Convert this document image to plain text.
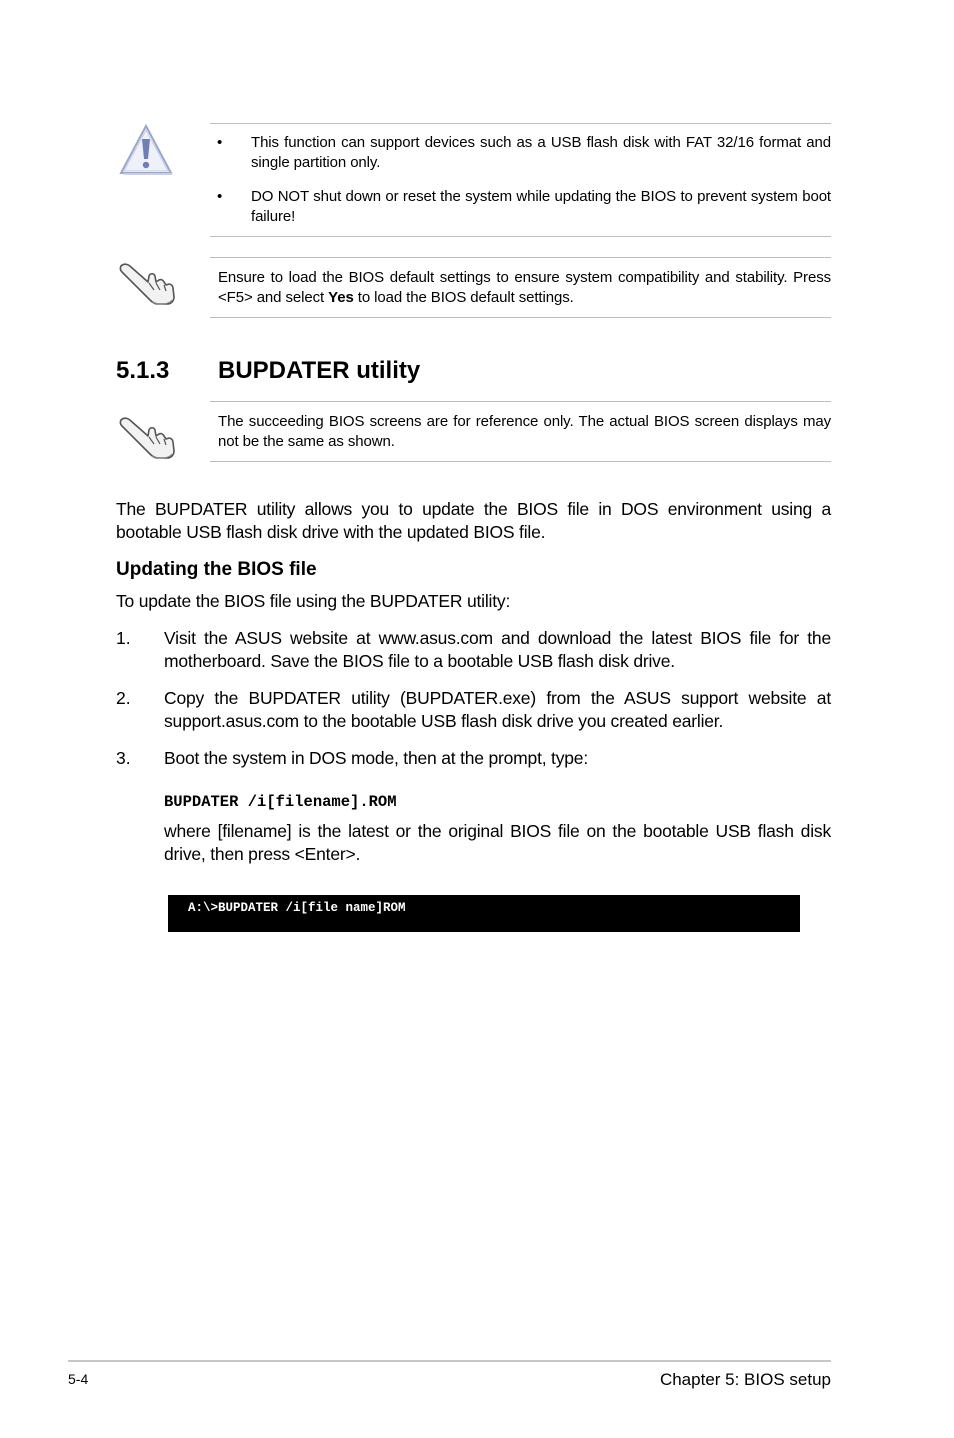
• This function can support devices such as a USB flash disk with FAT 32/16 format and single partition only.
• DO NOT shut down or reset the system while updating the BIOS to prevent system boot failure!
Ensure to load the BIOS default settings to ensure system compatibility and stability. Press <F5> and select Yes to load the BIOS default settings.
5.1.3 BUPDATER utility
The succeeding BIOS screens are for reference only. The actual BIOS screen displays may not be the same as shown.
The BUPDATER utility allows you to update the BIOS file in DOS environment using a bootable USB flash disk drive with the updated BIOS file.
Updating the BIOS file
To update the BIOS file using the BUPDATER utility:
1. Visit the ASUS website at www.asus.com and download the latest BIOS file for the motherboard. Save the BIOS file to a bootable USB flash disk drive.
2. Copy the BUPDATER utility (BUPDATER.exe) from the ASUS support website at support.asus.com to the bootable USB flash disk drive you created earlier.
3. Boot the system in DOS mode, then at the prompt, type:
BUPDATER /i[filename].ROM
where [filename] is the latest or the original BIOS file on the bootable USB flash disk drive, then press <Enter>.
A:\>BUPDATER /i[file name]ROM
5-4	Chapter 5: BIOS setup
